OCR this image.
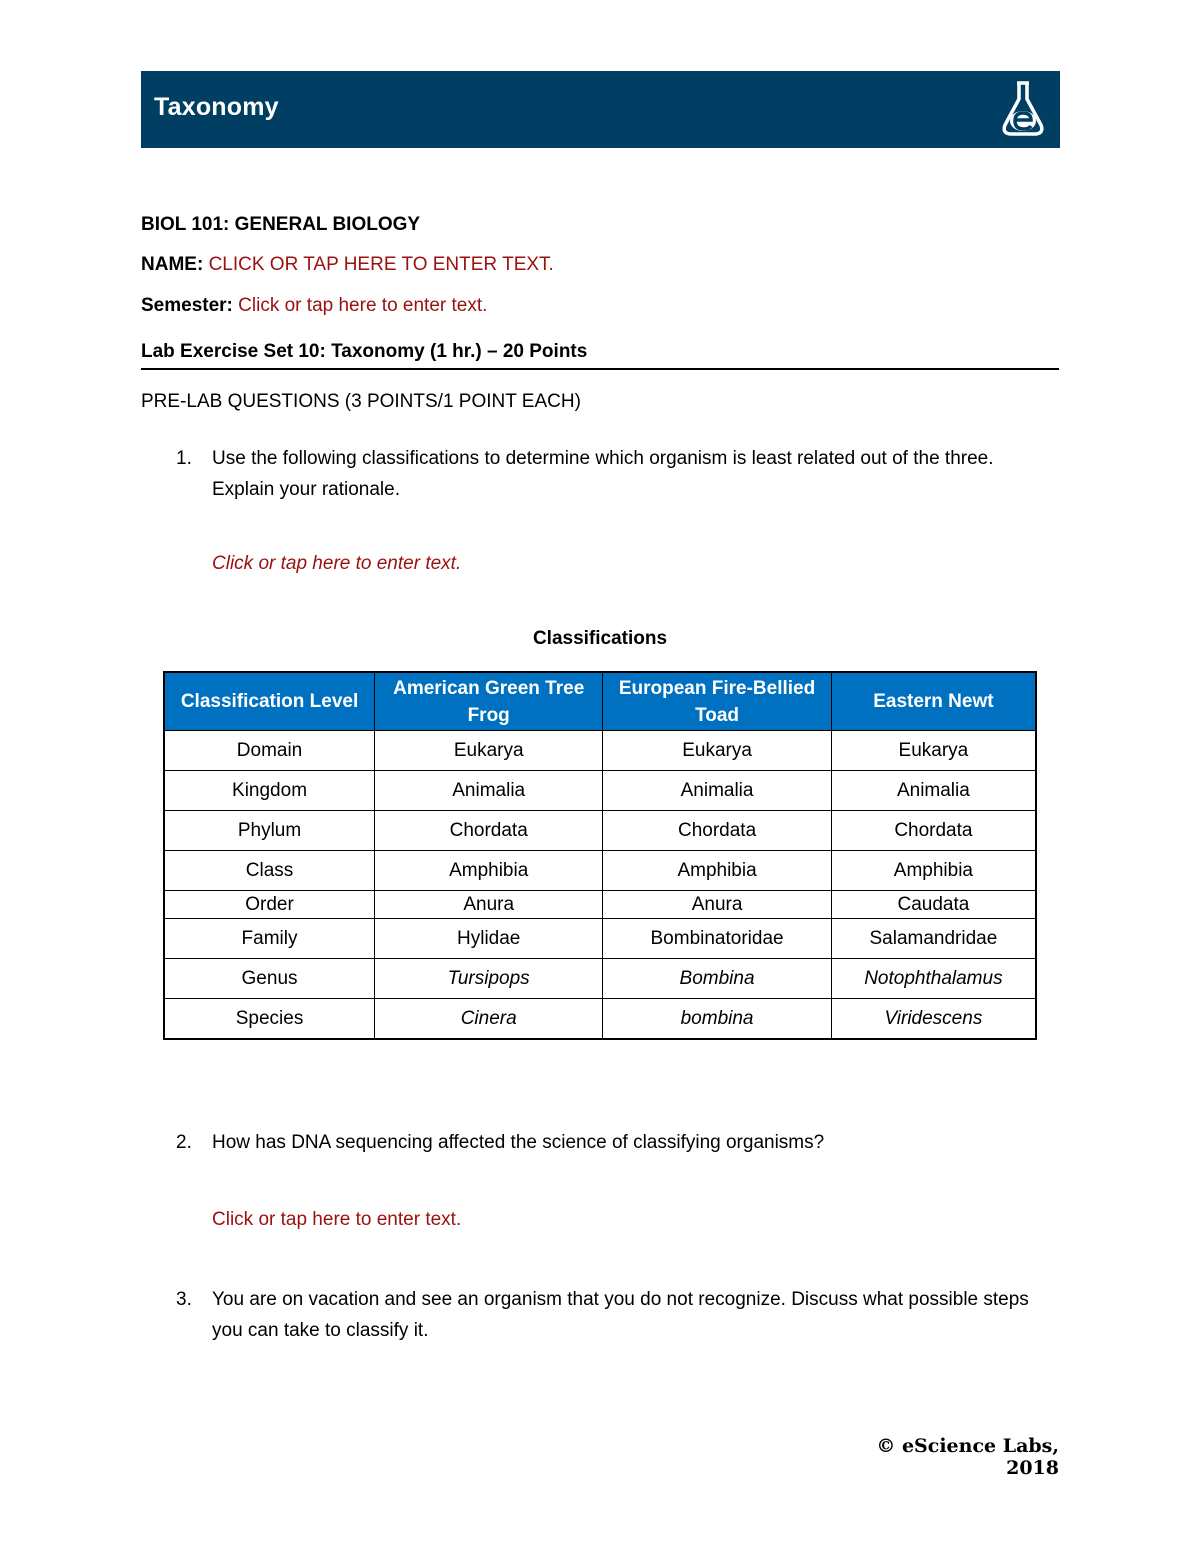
Taxonomy
BIOL 101: GENERAL BIOLOGY
NAME: CLICK OR TAP HERE TO ENTER TEXT.
Semester: Click or tap here to enter text.
Lab Exercise Set 10: Taxonomy (1 hr.) – 20 Points
PRE-LAB QUESTIONS (3 POINTS/1 POINT EACH)
1. Use the following classifications to determine which organism is least related out of the three. Explain your rationale.
Click or tap here to enter text.
Classifications
Classification Level	American Green Tree Frog	European Fire-Bellied Toad	Eastern Newt
Domain	Eukarya	Eukarya	Eukarya
Kingdom	Animalia	Animalia	Animalia
Phylum	Chordata	Chordata	Chordata
Class	Amphibia	Amphibia	Amphibia
Order	Anura	Anura	Caudata
Family	Hylidae	Bombinatoridae	Salamandridae
Genus	Tursipops	Bombina	Notophthalamus
Species	Cinera	bombina	Viridescens
2. How has DNA sequencing affected the science of classifying organisms?
Click or tap here to enter text.
3. You are on vacation and see an organism that you do not recognize. Discuss what possible steps you can take to classify it.
© eScience Labs, 2018
